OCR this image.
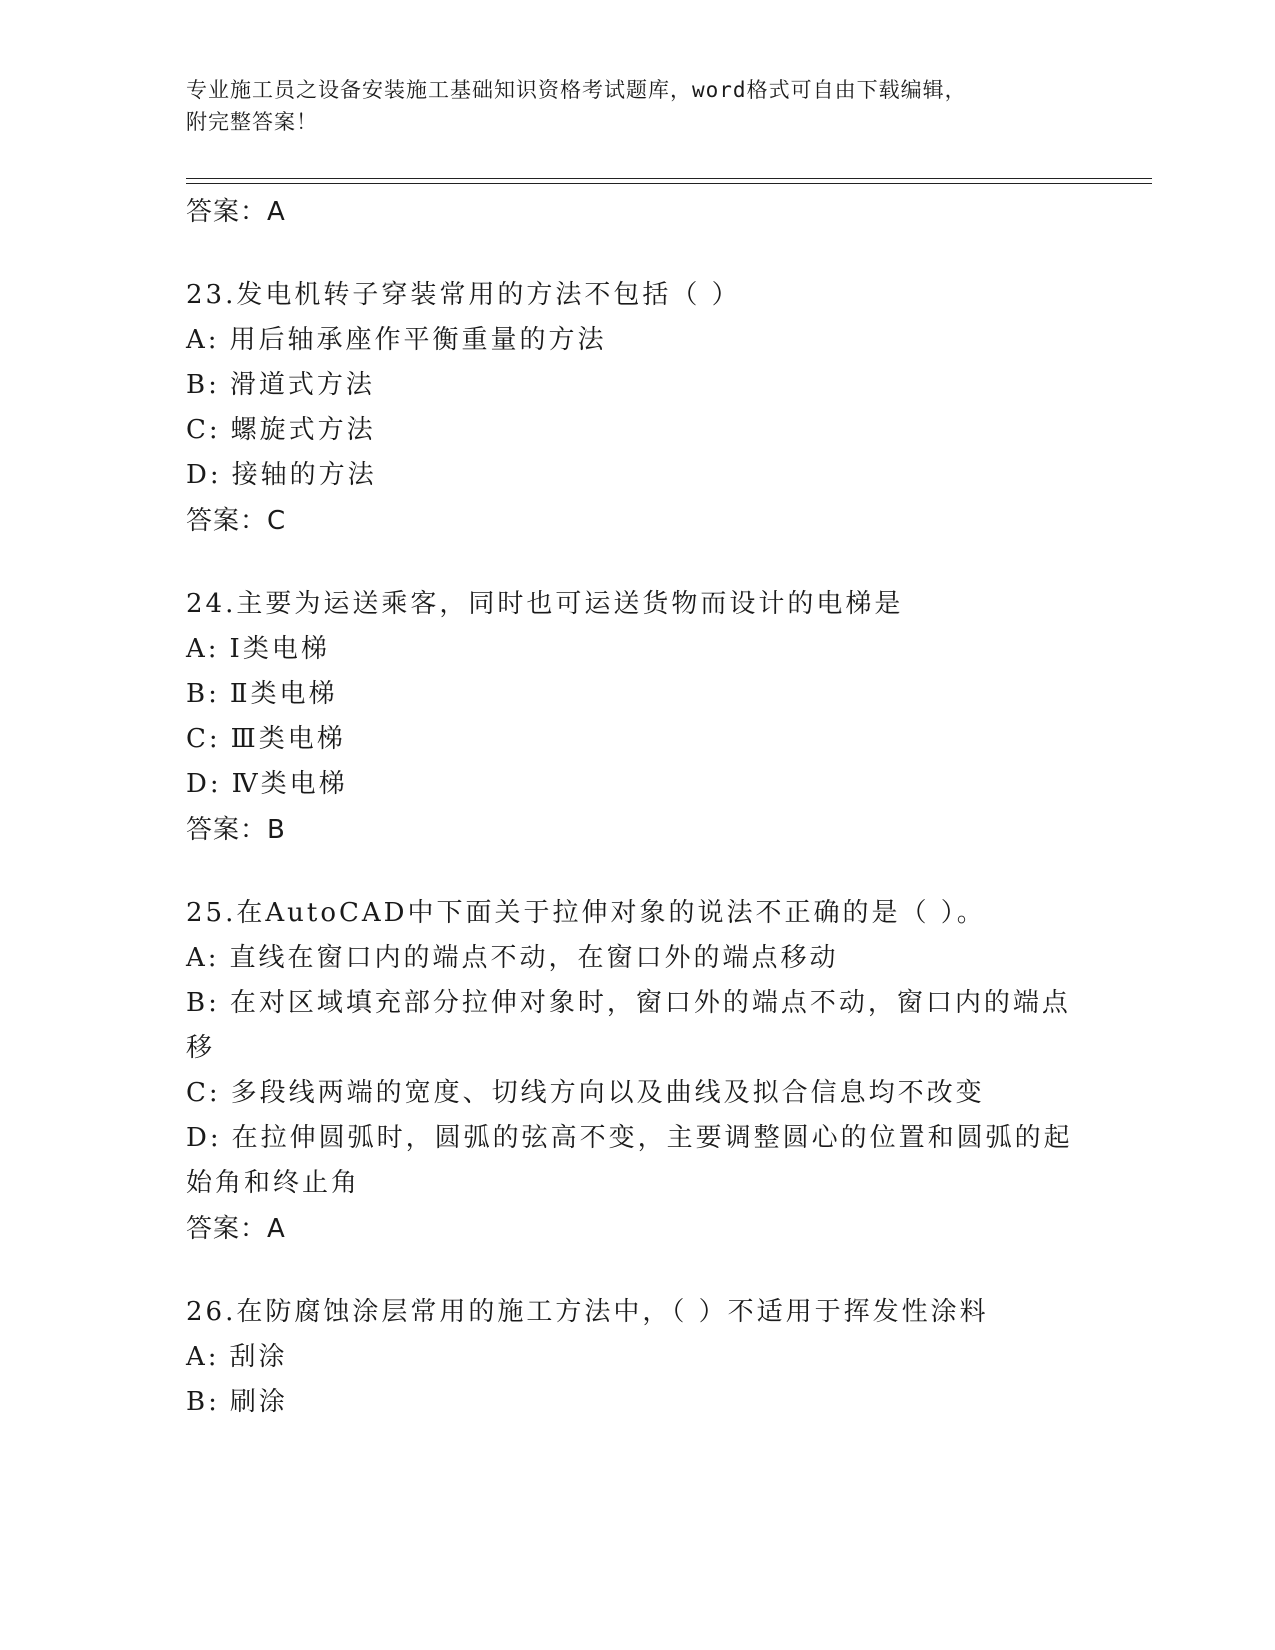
专业施工员之设备安装施工基础知识资格考试题库，word格式可自由下载编辑，
附完整答案！
答案：A
23.发电机转子穿装常用的方法不包括（ ）
A: 用后轴承座作平衡重量的方法
B: 滑道式方法
C: 螺旋式方法
D: 接轴的方法
答案：C
24.主要为运送乘客，同时也可运送货物而设计的电梯是
A: Ⅰ类电梯
B: Ⅱ类电梯
C: Ⅲ类电梯
D: Ⅳ类电梯
答案：B
25.在AutoCAD中下面关于拉伸对象的说法不正确的是（ ）。
A: 直线在窗口内的端点不动，在窗口外的端点移动
B: 在对区域填充部分拉伸对象时，窗口外的端点不动，窗口内的端点移
C: 多段线两端的宽度、切线方向以及曲线及拟合信息均不改变
D: 在拉伸圆弧时，圆弧的弦高不变，主要调整圆心的位置和圆弧的起始角和终止角
答案：A
26.在防腐蚀涂层常用的施工方法中，（ ）不适用于挥发性涂料
A: 刮涂
B: 刷涂
